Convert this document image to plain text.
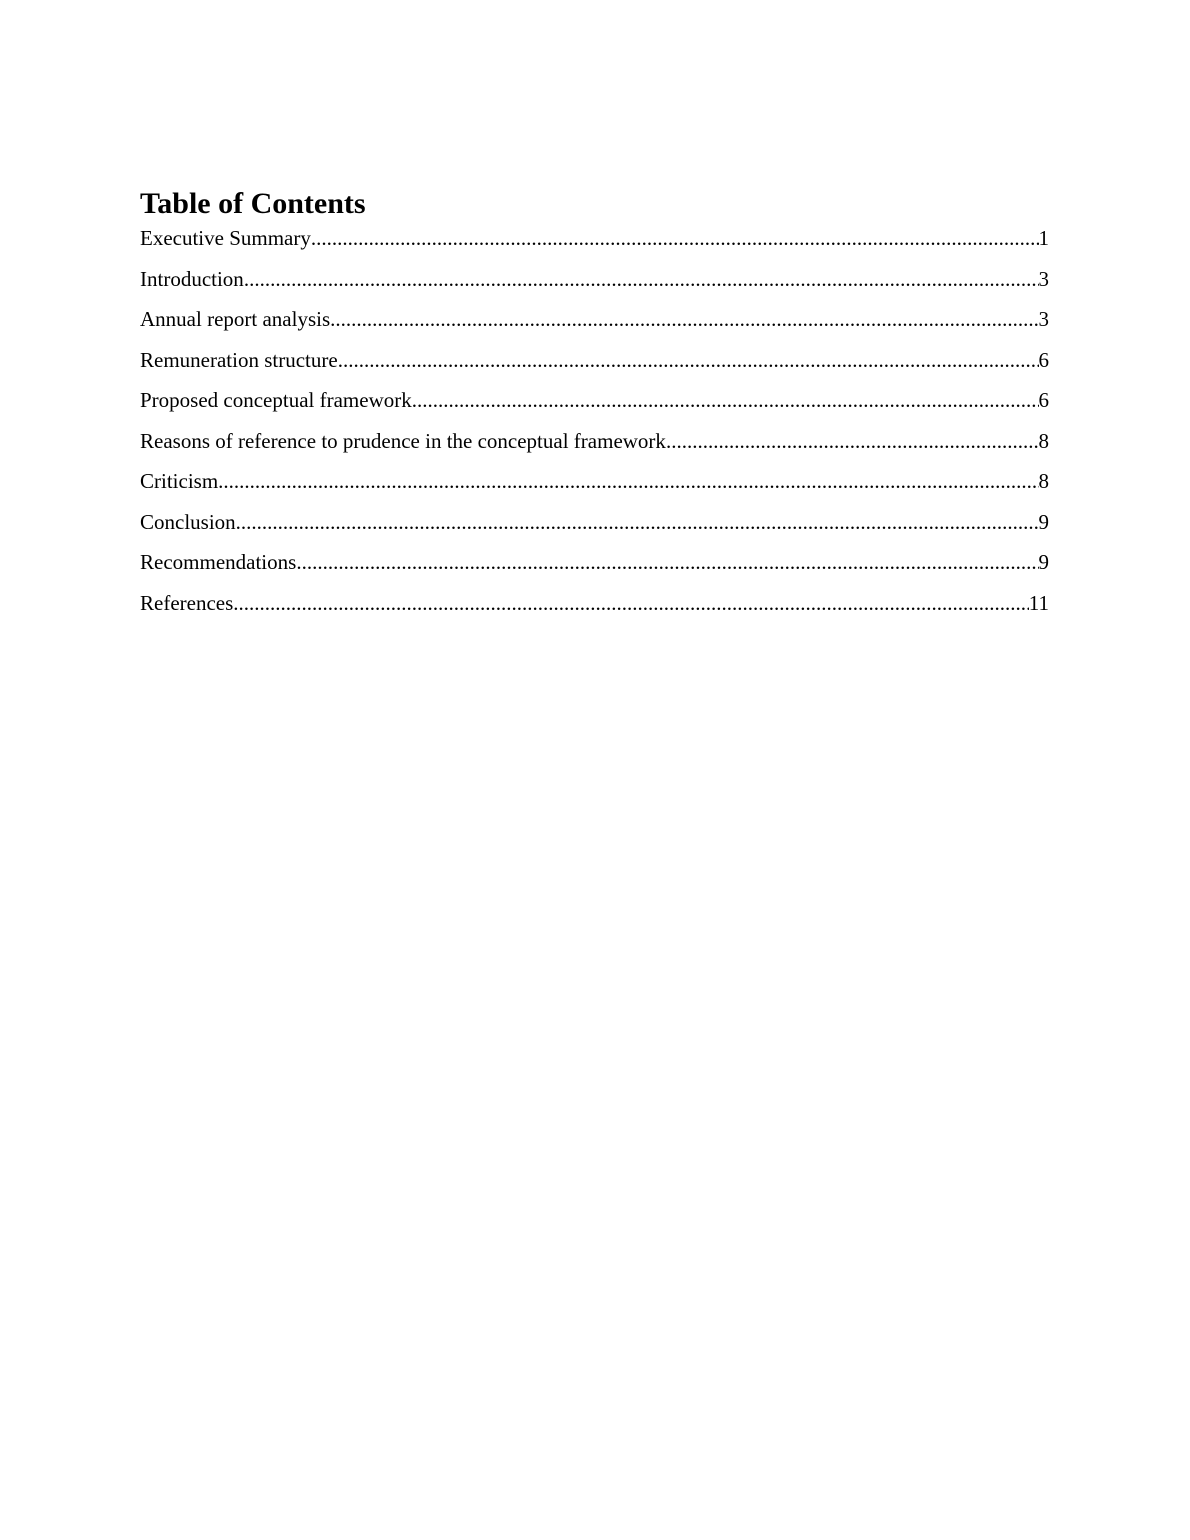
Table of Contents
Executive Summary .....	1
Introduction .....	3
Annual report analysis .....	3
Remuneration structure .....	6
Proposed conceptual framework .....	6
Reasons of reference to prudence in the conceptual framework .....	8
Criticism .....	8
Conclusion .....	9
Recommendations .....	9
References .....	11
